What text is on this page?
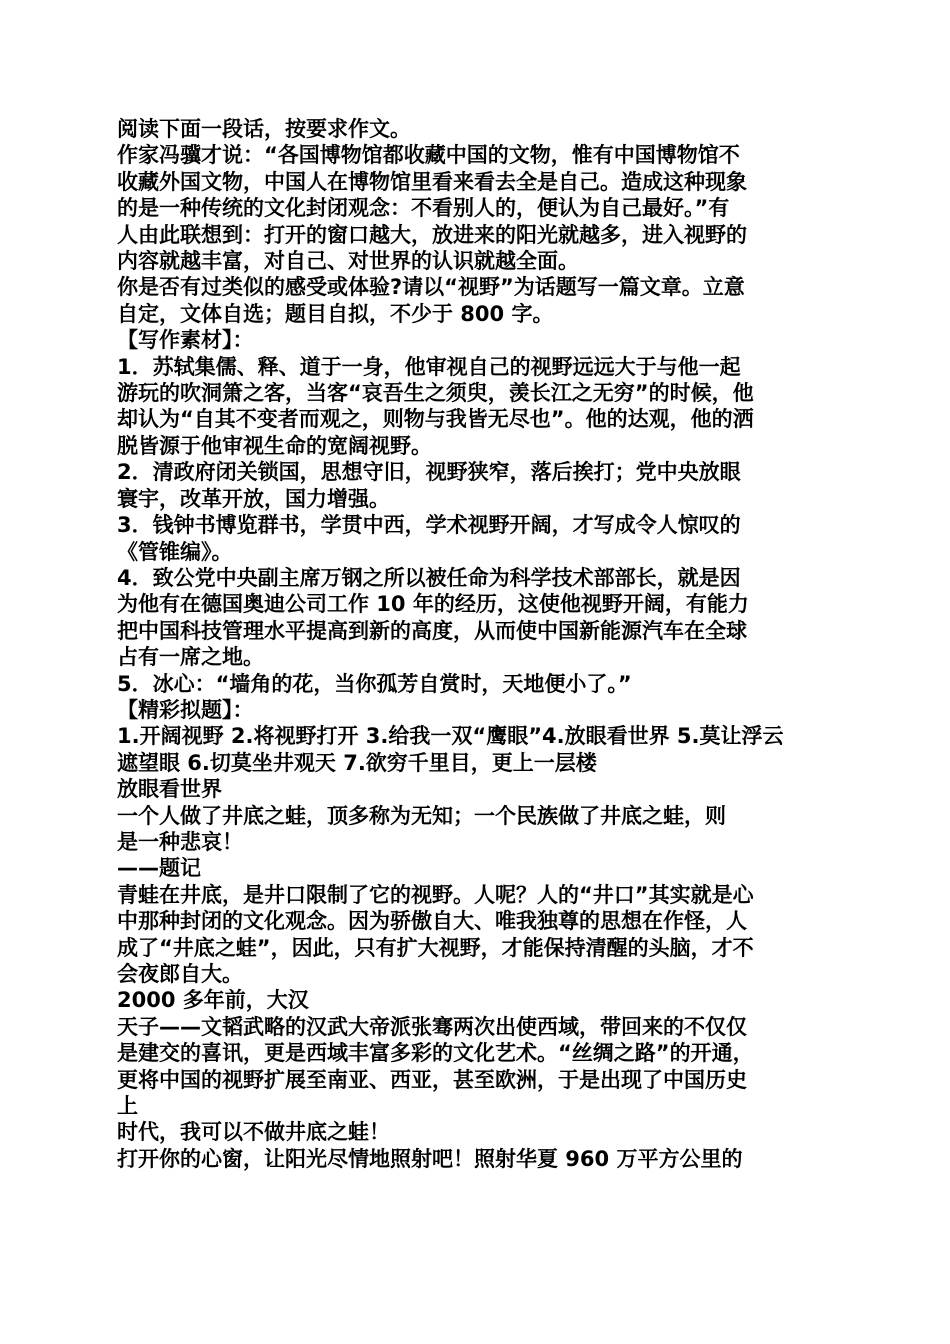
阅读下面一段话，按要求作文。
作家冯骥才说：“各国博物馆都收藏中国的文物，惟有中国博物馆不
收藏外国文物，中国人在博物馆里看来看去全是自己。造成这种现象
的是一种传统的文化封闭观念：不看别人的，便认为自己最好。”有
人由此联想到：打开的窗口越大，放进来的阳光就越多，进入视野的
内容就越丰富，对自己、对世界的认识就越全面。
你是否有过类似的感受或体验?请以“视野”为话题写一篇文章。立意
自定，文体自选；题目自拟，不少于 800 字。
【写作素材】：
1．苏轼集儒、释、道于一身，他审视自己的视野远远大于与他一起
游玩的吹洞箫之客，当客“哀吾生之须臾，羡长江之无穷”的时候，他
却认为“自其不变者而观之，则物与我皆无尽也”。他的达观，他的洒
脱皆源于他审视生命的宽阔视野。
2．清政府闭关锁国，思想守旧，视野狭窄，落后挨打；党中央放眼
寰宇，改革开放，国力增强。
3．钱钟书博览群书，学贯中西，学术视野开阔，才写成令人惊叹的
《管锥编》。
4．致公党中央副主席万钢之所以被任命为科学技术部部长，就是因
为他有在德国奥迪公司工作 10 年的经历，这使他视野开阔，有能力
把中国科技管理水平提高到新的高度，从而使中国新能源汽车在全球
占有一席之地。
5．冰心：“墙角的花，当你孤芳自赏时，天地便小了。”
【精彩拟题】：
1.开阔视野 2.将视野打开 3.给我一双“鹰眼”4.放眼看世界 5.莫让浮云
遮望眼 6.切莫坐井观天 7.欲穷千里目，更上一层楼
放眼看世界
一个人做了井底之蛙，顶多称为无知；一个民族做了井底之蛙，则
是一种悲哀！
——题记
青蛙在井底，是井口限制了它的视野。人呢？人的“井口”其实就是心
中那种封闭的文化观念。因为骄傲自大、唯我独尊的思想在作怪，人
成了“井底之蛙”，因此，只有扩大视野，才能保持清醒的头脑，才不
会夜郎自大。
2000 多年前，大汉
天子——文韬武略的汉武大帝派张骞两次出使西域，带回来的不仅仅
是建交的喜讯，更是西域丰富多彩的文化艺术。“丝绸之路”的开通，
更将中国的视野扩展至南亚、西亚，甚至欧洲，于是出现了中国历史
上
时代，我可以不做井底之蛙！
打开你的心窗，让阳光尽情地照射吧！照射华夏 960 万平方公里的
